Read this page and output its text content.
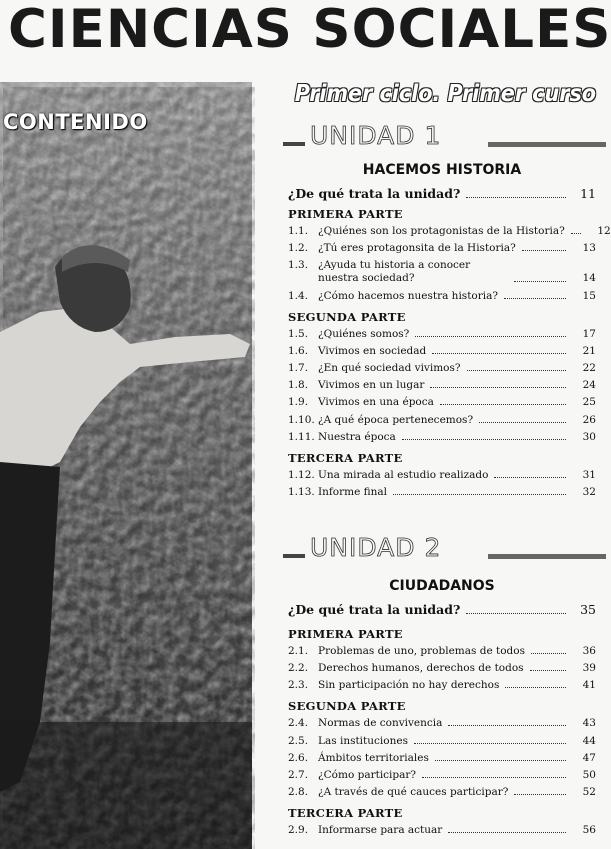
CIENCIAS SOCIALES
CONTENIDO
Primer ciclo. Primer curso
UNIDAD 1
HACEMOS HISTORIA
¿De qué trata la unidad?	11
PRIMERA PARTE
1.1. ¿Quiénes son los protagonistas de la Historia?	12
1.2. ¿Tú eres protagonsita de la Historia?	13
1.3. ¿Ayuda tu historia a conocer nuestra sociedad?	14
1.4. ¿Cómo hacemos nuestra historia?	15
SEGUNDA PARTE
1.5. ¿Quiénes somos?	17
1.6. Vivimos en sociedad	21
1.7. ¿En qué sociedad vivimos?	22
1.8. Vivimos en un lugar	24
1.9. Vivimos en una época	25
1.10. ¿A qué época pertenecemos?	26
1.11. Nuestra época	30
TERCERA PARTE
1.12. Una mirada al estudio realizado	31
1.13. Informe final	32
UNIDAD 2
CIUDADANOS
¿De qué trata la unidad?	35
PRIMERA PARTE
2.1. Problemas de uno, problemas de todos	36
2.2. Derechos humanos, derechos de todos	39
2.3. Sin participación no hay derechos	41
SEGUNDA PARTE
2.4. Normas de convivencia	43
2.5. Las instituciones	44
2.6. Ámbitos territoriales	47
2.7. ¿Cómo participar?	50
2.8. ¿A través de qué cauces participar?	52
TERCERA PARTE
2.9. Informarse para actuar	56
